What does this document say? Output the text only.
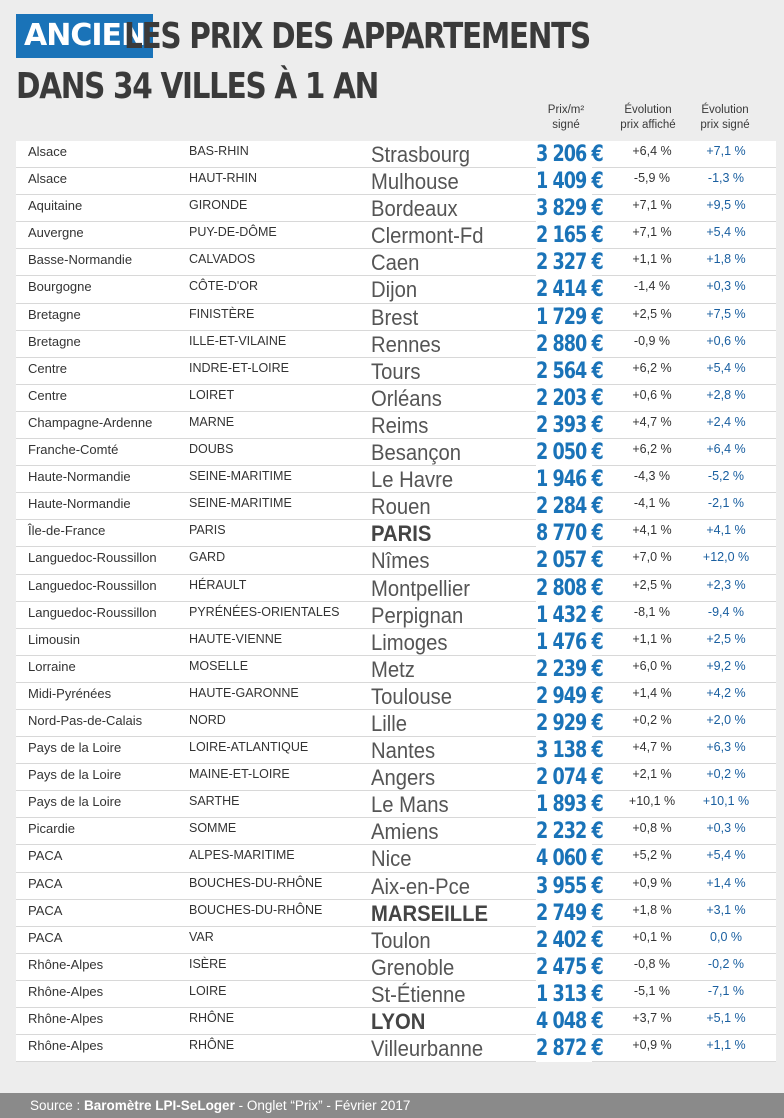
ANCIEN
LES PRIX DES APPARTEMENTS
DANS 34 VILLES À 1 AN
Prix/m²
signé
Évolution
prix affiché
Évolution
prix signé
Alsace	BAS-RHIN	Strasbourg	3 206 €	+6,4 %	+7,1 %
Alsace	HAUT-RHIN	Mulhouse	1 409 €	-5,9 %	-1,3 %
Aquitaine	GIRONDE	Bordeaux	3 829 €	+7,1 %	+9,5 %
Auvergne	PUY-DE-DÔME	Clermont-Fd 2 165 €	+7,1 %	+5,4 %
Basse-Normandie	CALVADOS	Caen	2 327 €	+1,1 %	+1,8 %
Bourgogne	CÔTE-D'OR	Dijon	2 414 €	-1,4 %	+0,3 %
Bretagne	FINISTÈRE	Brest	1 729 €	+2,5 %	+7,5 %
Bretagne	ILLE-ET-VILAINE	Rennes	2 880 €	-0,9 %	+0,6 %
Centre	INDRE-ET-LOIRE	Tours	2 564 €	+6,2 %	+5,4 %
Centre	LOIRET	Orléans	2 203 €	+0,6 %	+2,8 %
Champagne-Ardenne	MARNE	Reims	2 393 €	+4,7 %	+2,4 %
Franche-Comté	DOUBS	Besançon	2 050 €	+6,2 %	+6,4 %
Haute-Normandie	SEINE-MARITIME	Le Havre	1 946 €	-4,3 %	-5,2 %
Haute-Normandie	SEINE-MARITIME	Rouen	2 284 €	-4,1 %	-2,1 %
Île-de-France	PARIS	PARIS	8 770 €	+4,1 %	+4,1 %
Languedoc-Roussillon	GARD	Nîmes	2 057 €	+7,0 %	+12,0 %
Languedoc-Roussillon	HÉRAULT	Montpellier	2 808 €	+2,5 %	+2,3 %
Languedoc-Roussillon	PYRÉNÉES-ORIENTALES Perpignan	1 432 €	-8,1 %	-9,4 %
Limousin	HAUTE-VIENNE	Limoges	1 476 €	+1,1 %	+2,5 %
Lorraine	MOSELLE	Metz	2 239 €	+6,0 %	+9,2 %
Midi-Pyrénées	HAUTE-GARONNE	Toulouse	2 949 €	+1,4 %	+4,2 %
Nord-Pas-de-Calais	NORD	Lille	2 929 €	+0,2 %	+2,0 %
Pays de la Loire	LOIRE-ATLANTIQUE	Nantes	3 138 €	+4,7 %	+6,3 %
Pays de la Loire	MAINE-ET-LOIRE	Angers	2 074 €	+2,1 %	+0,2 %
Pays de la Loire	SARTHE	Le Mans	1 893 €	+10,1 %	+10,1 %
Picardie	SOMME	Amiens	2 232 €	+0,8 %	+0,3 %
PACA	ALPES-MARITIME	Nice	4 060 €	+5,2 %	+5,4 %
PACA	BOUCHES-DU-RHÔNE Aix-en-Pce	3 955 €	+0,9 %	+1,4 %
PACA	BOUCHES-DU-RHÔNE MARSEILLE 2 749 €	+1,8 %	+3,1 %
PACA	VAR	Toulon	2 402 €	+0,1 %	0,0 %
Rhône-Alpes	ISÈRE	Grenoble	2 475 €	-0,8 %	-0,2 %
Rhône-Alpes	LOIRE	St-Étienne	1 313 €	-5,1 %	-7,1 %
Rhône-Alpes	RHÔNE	LYON	4 048 €	+3,7 %	+5,1 %
Rhône-Alpes	RHÔNE	Villeurbanne 2 872 €	+0,9 %	+1,1 %
Source : Baromètre LPI-SeLoger - Onglet “Prix” - Février 2017
